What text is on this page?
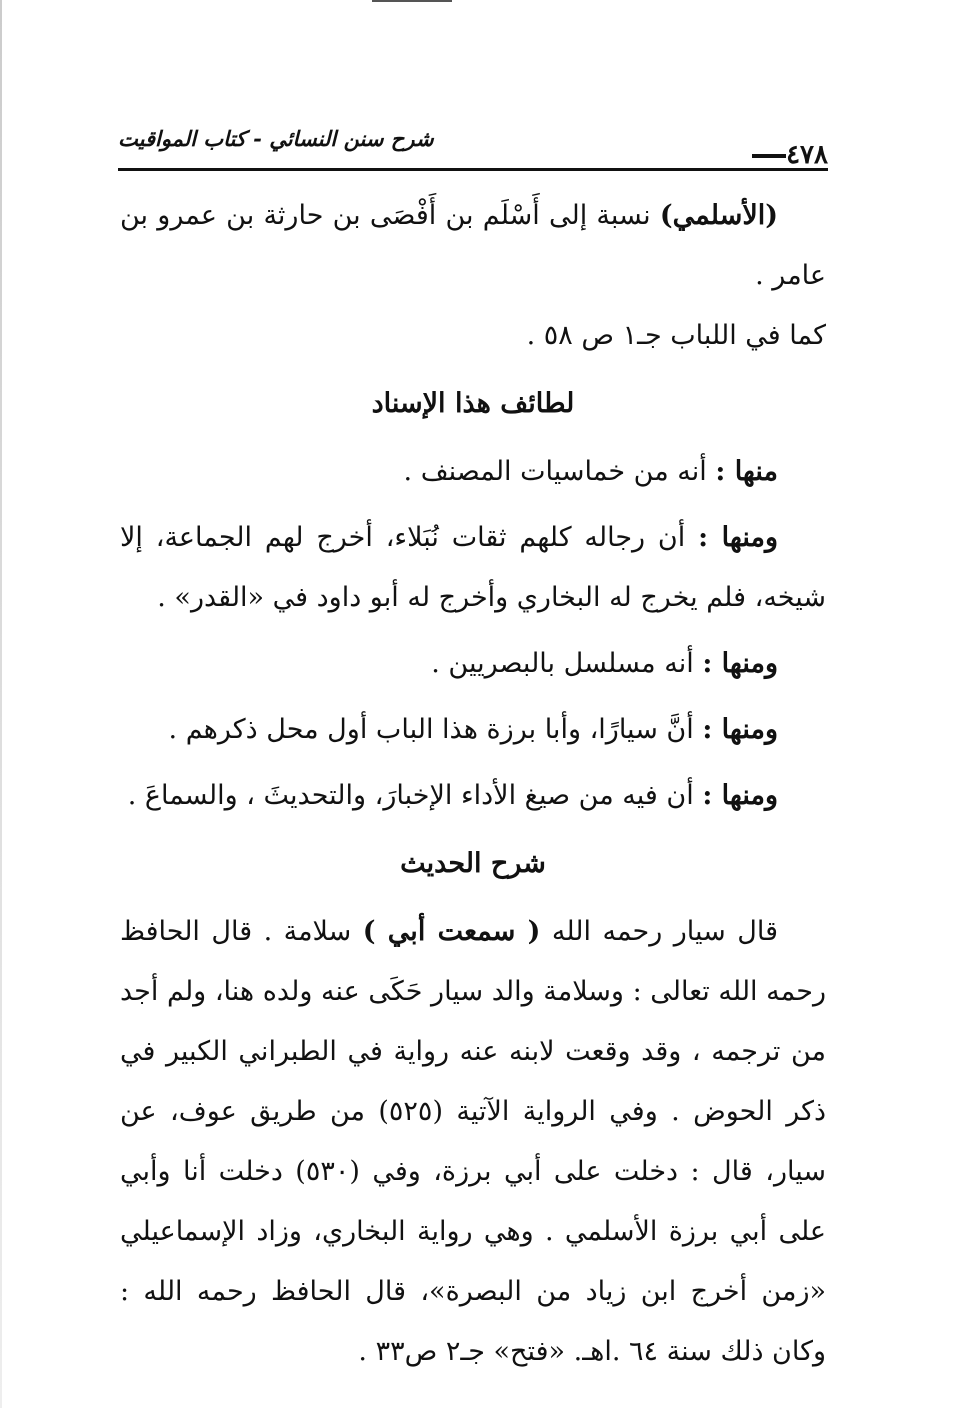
٤٧٨
شرح سنن النسائي - كتاب المواقيت

(الأسلمي) نسبة إلى أَسْلَم بن أَفْصَى بن حارثة بن عمرو بن عامر .
كما في اللباب جـ١ ص ٥٨ .

لطائف هذا الإسناد

منها : أنه من خماسيات المصنف .

ومنها : أن رجاله كلهم ثقات نُبَلاء، أخرج لهم الجماعة، إلا شيخه، فلم يخرج له البخاري وأخرج له أبو داود في «القدر» .

ومنها : أنه مسلسل بالبصريين .

ومنها : أنَّ سيارًا، وأبا برزة هذا الباب أول محل ذكرهم .

ومنها : أن فيه من صيغ الأداء الإخبارَ، والتحديثَ ، والسماعَ .

شرح الحديث

قال سيار رحمه الله ( سمعت أبي ) سلامة . قال الحافظ رحمه الله تعالى : وسلامة والد سيار حَكَى عنه ولده هنا، ولم أجد من ترجمه ، وقد وقعت لابنه عنه رواية في الطبراني الكبير في ذكر الحوض . وفي الرواية الآتية (٥٢٥) من طريق عوف، عن سيار، قال : دخلت على أبي برزة، وفي (٥٣٠) دخلت أنا وأبي على أبي برزة الأسلمي . وهي رواية البخاري، وزاد الإسماعيلي «زمن أخرج ابن زياد من البصرة»، قال الحافظ رحمه الله : وكان ذلك سنة ٦٤ .اهـ. «فتح» جـ٢ ص٣٣ .
